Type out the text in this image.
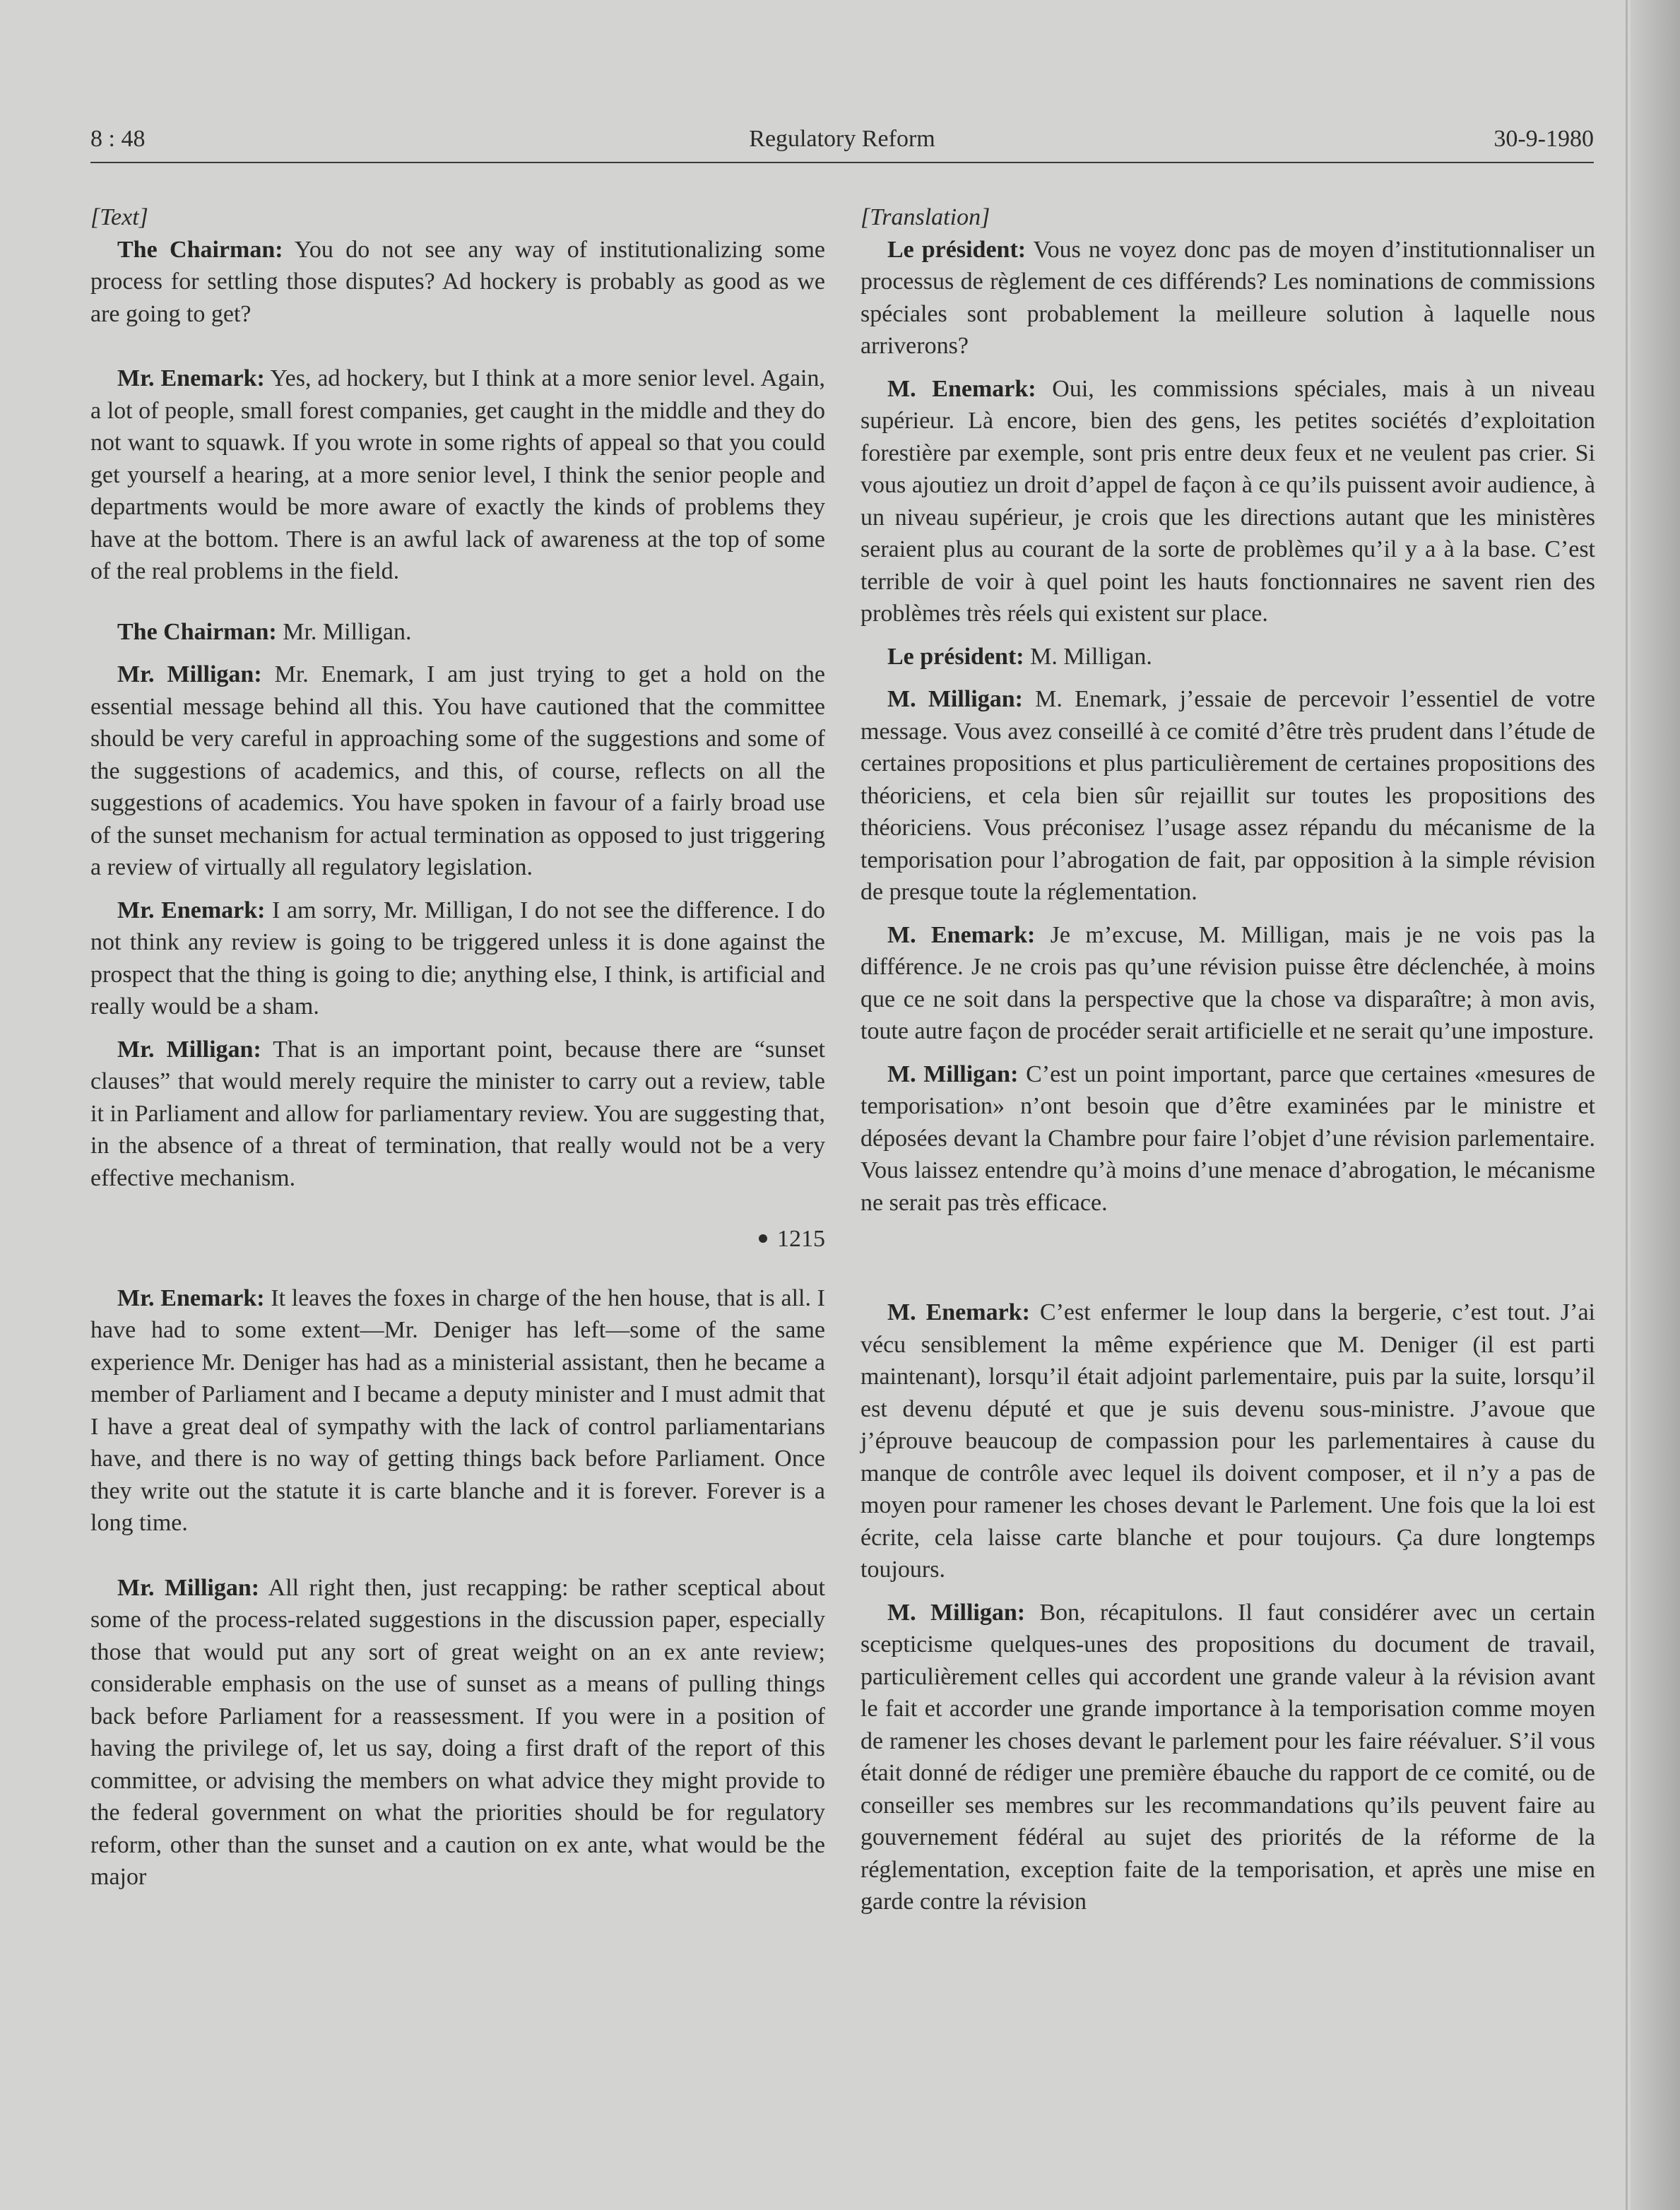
Regulatory Reform
8 : 48	30-9-1980

[Text]

The Chairman: You do not see any way of institutionalizing some process for settling those disputes? Ad hockery is probably as good as we are going to get?

Mr. Enemark: Yes, ad hockery, but I think at a more senior level. Again, a lot of people, small forest companies, get caught in the middle and they do not want to squawk. If you wrote in some rights of appeal so that you could get yourself a hearing, at a more senior level, I think the senior people and departments would be more aware of exactly the kinds of problems they have at the bottom. There is an awful lack of awareness at the top of some of the real problems in the field.

The Chairman: Mr. Milligan.

Mr. Milligan: Mr. Enemark, I am just trying to get a hold on the essential message behind all this. You have cautioned that the committee should be very careful in approaching some of the suggestions and some of the suggestions of academics, and this, of course, reflects on all the suggestions of academics. You have spoken in favour of a fairly broad use of the sunset mechanism for actual termination as opposed to just triggering a review of virtually all regulatory legislation.

Mr. Enemark: I am sorry, Mr. Milligan, I do not see the difference. I do not think any review is going to be triggered unless it is done against the prospect that the thing is going to die; anything else, I think, is artificial and really would be a sham.

Mr. Milligan: That is an important point, because there are “sunset clauses” that would merely require the minister to carry out a review, table it in Parliament and allow for parliamentary review. You are suggesting that, in the absence of a threat of termination, that really would not be a very effective mechanism.

1215

Mr. Enemark: It leaves the foxes in charge of the hen house, that is all. I have had to some extent—Mr. Deniger has left—some of the same experience Mr. Deniger has had as a ministerial assistant, then he became a member of Parliament and I became a deputy minister and I must admit that I have a great deal of sympathy with the lack of control parliamentarians have, and there is no way of getting things back before Parliament. Once they write out the statute it is carte blanche and it is forever. Forever is a long time.

Mr. Milligan: All right then, just recapping: be rather sceptical about some of the process-related suggestions in the discussion paper, especially those that would put any sort of great weight on an ex ante review; considerable emphasis on the use of sunset as a means of pulling things back before Parliament for a reassessment. If you were in a position of having the privilege of, let us say, doing a first draft of the report of this committee, or advising the members on what advice they might provide to the federal government on what the priorities should be for regulatory reform, other than the sunset and a caution on ex ante, what would be the major

[Translation]

Le président: Vous ne voyez donc pas de moyen d’institutionnaliser un processus de règlement de ces différends? Les nominations de commissions spéciales sont probablement la meilleure solution à laquelle nous arriverons?

M. Enemark: Oui, les commissions spéciales, mais à un niveau supérieur. Là encore, bien des gens, les petites sociétés d’exploitation forestière par exemple, sont pris entre deux feux et ne veulent pas crier. Si vous ajoutiez un droit d’appel de façon à ce qu’ils puissent avoir audience, à un niveau supérieur, je crois que les directions autant que les ministères seraient plus au courant de la sorte de problèmes qu’il y a à la base. C’est terrible de voir à quel point les hauts fonctionnaires ne savent rien des problèmes très réels qui existent sur place.

Le président: M. Milligan.

M. Milligan: M. Enemark, j’essaie de percevoir l’essentiel de votre message. Vous avez conseillé à ce comité d’être très prudent dans l’étude de certaines propositions et plus particulièrement de certaines propositions des théoriciens, et cela bien sûr rejaillit sur toutes les propositions des théoriciens. Vous préconisez l’usage assez répandu du mécanisme de la temporisation pour l’abrogation de fait, par opposition à la simple révision de presque toute la réglementation.

M. Enemark: Je m’excuse, M. Milligan, mais je ne vois pas la différence. Je ne crois pas qu’une révision puisse être déclenchée, à moins que ce ne soit dans la perspective que la chose va disparaître; à mon avis, toute autre façon de procéder serait artificielle et ne serait qu’une imposture.

M. Milligan: C’est un point important, parce que certaines «mesures de temporisation» n’ont besoin que d’être examinées par le ministre et déposées devant la Chambre pour faire l’objet d’une révision parlementaire. Vous laissez entendre qu’à moins d’une menace d’abrogation, le mécanisme ne serait pas très efficace.

M. Enemark: C’est enfermer le loup dans la bergerie, c’est tout. J’ai vécu sensiblement la même expérience que M. Deniger (il est parti maintenant), lorsqu’il était adjoint parlementaire, puis par la suite, lorsqu’il est devenu député et que je suis devenu sous-ministre. J’avoue que j’éprouve beaucoup de compassion pour les parlementaires à cause du manque de contrôle avec lequel ils doivent composer, et il n’y a pas de moyen pour ramener les choses devant le Parlement. Une fois que la loi est écrite, cela laisse carte blanche et pour toujours. Ça dure longtemps toujours.

M. Milligan: Bon, récapitulons. Il faut considérer avec un certain scepticisme quelques-unes des propositions du document de travail, particulièrement celles qui accordent une grande valeur à la révision avant le fait et accorder une grande importance à la temporisation comme moyen de ramener les choses devant le parlement pour les faire réévaluer. S’il vous était donné de rédiger une première ébauche du rapport de ce comité, ou de conseiller ses membres sur les recommandations qu’ils peuvent faire au gouvernement fédéral au sujet des priorités de la réforme de la réglementation, exception faite de la temporisation, et après une mise en garde contre la révision
